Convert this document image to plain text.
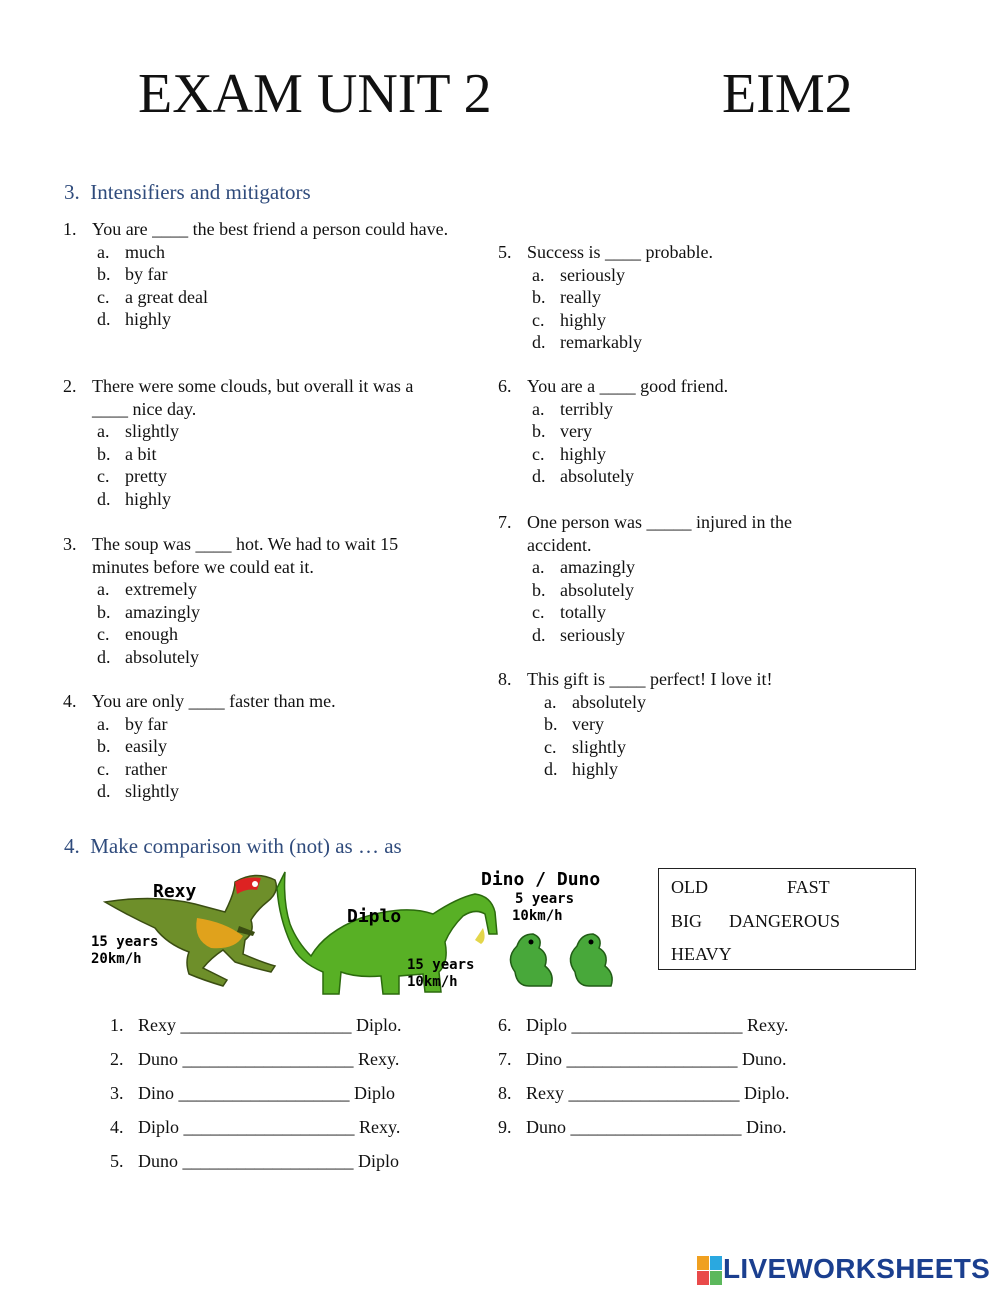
EXAM UNIT 2	EIM2
3. Intensifiers and mitigators
1. You are ____ the best friend a person could have.
a. much
b. by far
c. a great deal
d. highly
2. There were some clouds, but overall it was a ____ nice day.
a. slightly
b. a bit
c. pretty
d. highly
3. The soup was ____ hot. We had to wait 15 minutes before we could eat it.
a. extremely
b. amazingly
c. enough
d. absolutely
4. You are only ____ faster than me.
a. by far
b. easily
c. rather
d. slightly
5. Success is ____ probable.
a. seriously
b. really
c. highly
d. remarkably
6. You are a ____ good friend.
a. terribly
b. very
c. highly
d. absolutely
7. One person was _____ injured in the accident.
a. amazingly
b. absolutely
c. totally
d. seriously
8. This gift is ____ perfect! I love it!
a. absolutely
b. very
c. slightly
d. highly
4. Make comparison with (not) as … as
Rexy
15 years
20km/h
Diplo
15 years
10km/h
Dino / Duno
5 years
10km/h
OLD	FAST
BIG DANGEROUS
HEAVY
1. Rexy ___________________ Diplo.
2. Duno ___________________ Rexy.
3. Dino ___________________ Diplo
4. Diplo ___________________ Rexy.
5. Duno ___________________ Diplo
6. Diplo ___________________ Rexy.
7. Dino ___________________ Duno.
8. Rexy ___________________ Diplo.
9. Duno ___________________ Dino.
LIVEWORKSHEETS
